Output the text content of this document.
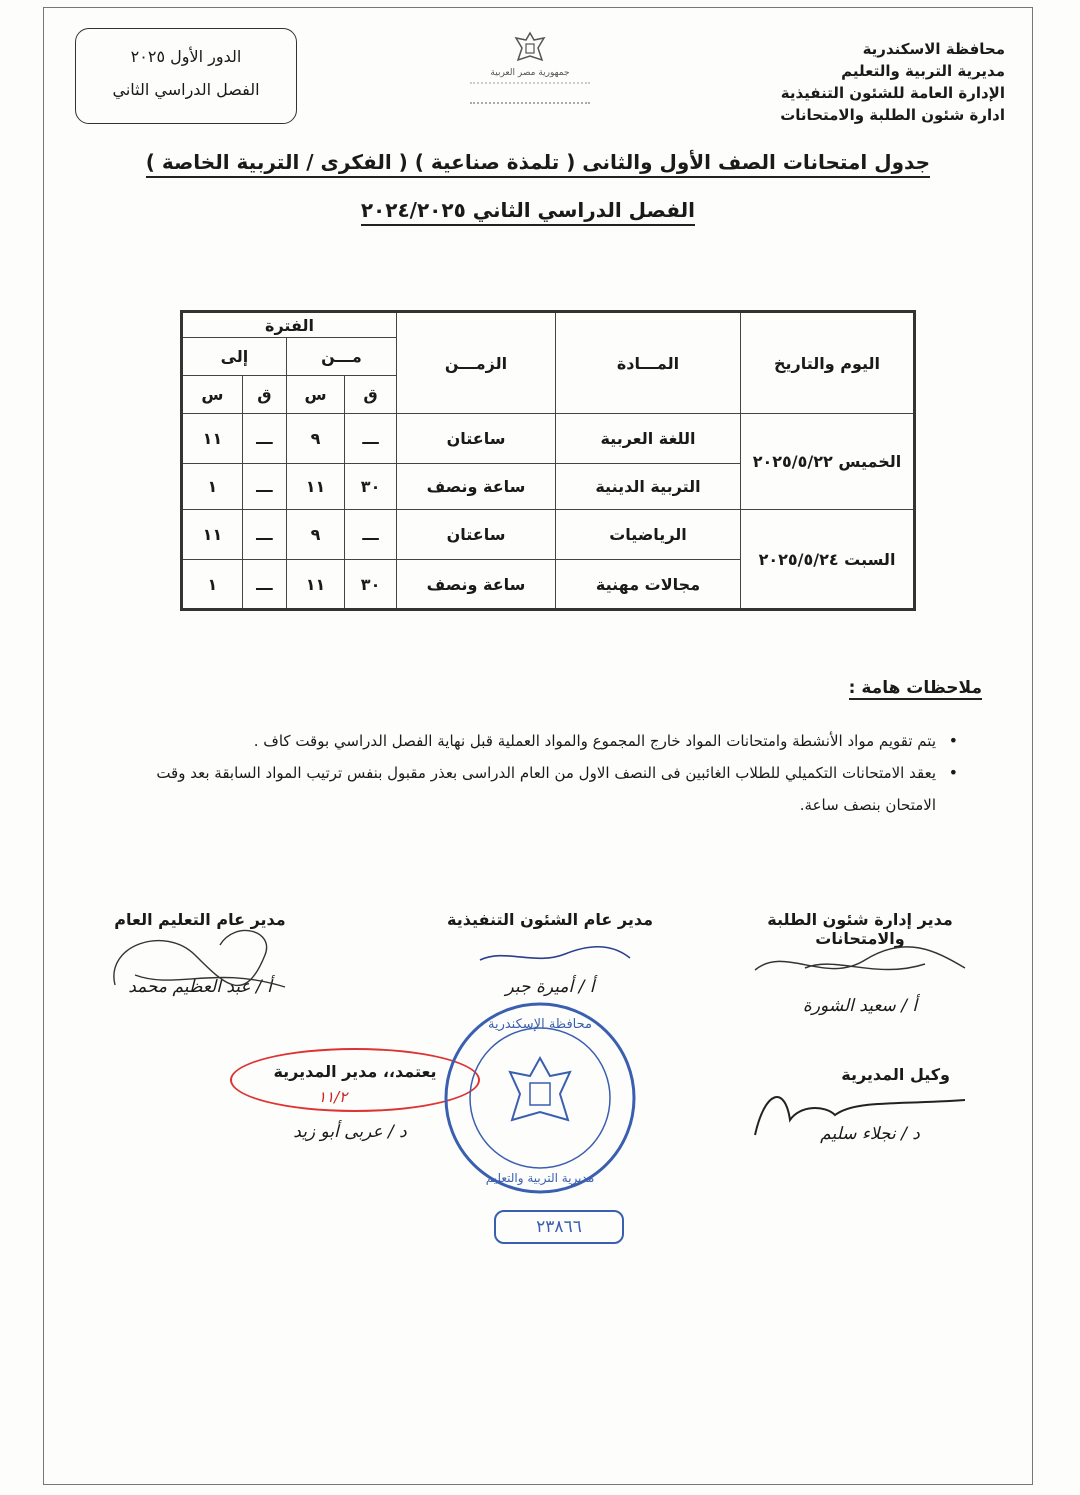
محافظة الاسكندرية
مديرية التربية والتعليم
الإدارة العامة للشئون التنفيذية
ادارة شئون الطلبة والامتحانات
جمهورية مصر العربية
الدور الأول ٢٠٢٥
الفصل الدراسي الثاني
جدول امتحانات الصف الأول والثانى ( تلمذة صناعية ) ( الفكرى / التربية الخاصة )
الفصل الدراسي الثاني ٢٠٢٤/٢٠٢٥
اليوم والتاريخ	المـــادة	الزمـــن	الفترة			
			مـــن		إلى	
			ق	س	ق	س
الخميس ٢٠٢٥/٥/٢٢	اللغة العربية	ساعتان	ـــ	٩	ـــ	١١
	التربية الدينية	ساعة ونصف	٣٠	١١	ـــ	١
السبت ٢٠٢٥/٥/٢٤	الرياضيات	ساعتان	ـــ	٩	ـــ	١١
	مجالات مهنية	ساعة ونصف	٣٠	١١	ـــ	١
ملاحظات هامة :
• يتم تقويم مواد الأنشطة وامتحانات المواد خارج المجموع والمواد العملية قبل نهاية الفصل الدراسي بوقت كاف .
• يعقد الامتحانات التكميلي للطلاب الغائبين فى النصف الاول من العام الدراسى بعذر مقبول بنفس ترتيب المواد السابقة بعد وقت الامتحان بنصف ساعة.
مدير إدارة شئون الطلبة والامتحانات
أ / سعيد الشورة
مدير عام الشئون التنفيذية
أ / أميرة جبر
مدير عام التعليم العام
أ / عبد العظيم محمد
وكيل المديرية
د / نجلاء سليم
يعتمد،، مدير المديرية
١١/٢
د / عربى أبو زيد
محافظة الإسكندرية
مديرية التربية والتعليم
٢٣٨٦٦
